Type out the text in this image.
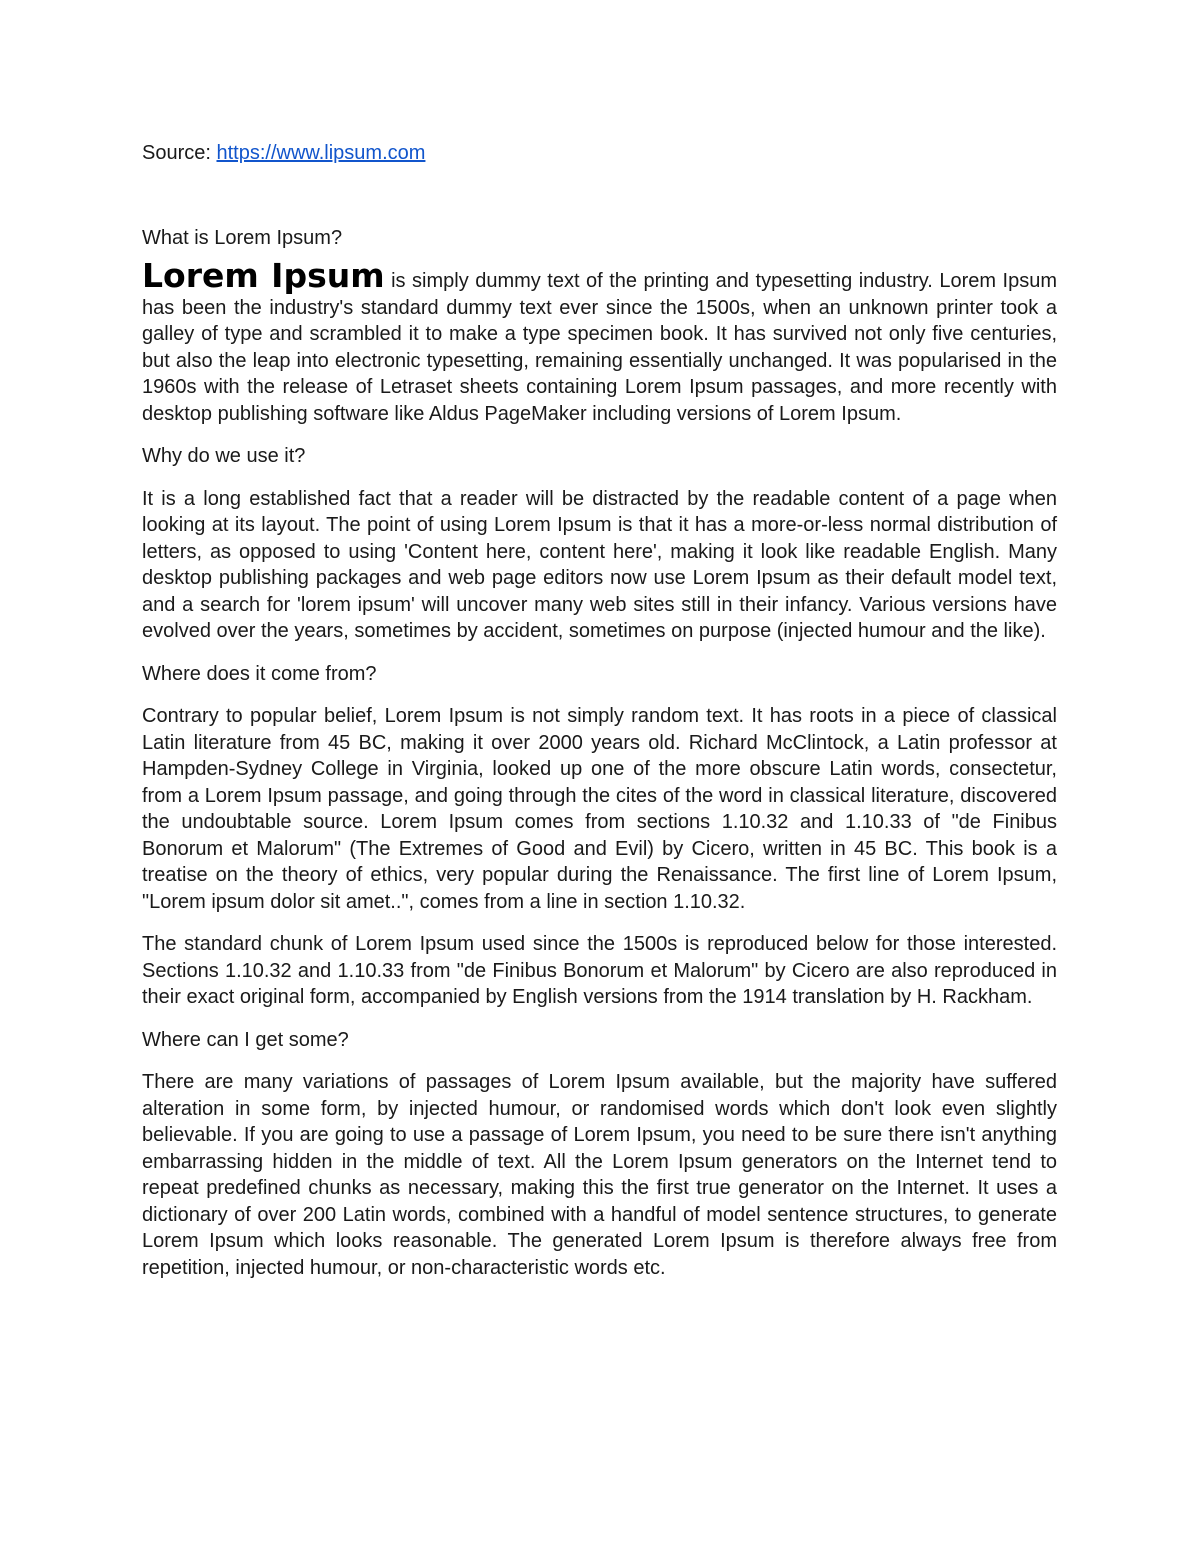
Source: https://www.lipsum.com

What is Lorem Ipsum?

Lorem Ipsum is simply dummy text of the printing and typesetting industry. Lorem Ipsum has been the industry's standard dummy text ever since the 1500s, when an unknown printer took a galley of type and scrambled it to make a type specimen book. It has survived not only five centuries, but also the leap into electronic typesetting, remaining essentially unchanged. It was popularised in the 1960s with the release of Letraset sheets containing Lorem Ipsum passages, and more recently with desktop publishing software like Aldus PageMaker including versions of Lorem Ipsum.

Why do we use it?

It is a long established fact that a reader will be distracted by the readable content of a page when looking at its layout. The point of using Lorem Ipsum is that it has a more-or-less normal distribution of letters, as opposed to using 'Content here, content here', making it look like readable English. Many desktop publishing packages and web page editors now use Lorem Ipsum as their default model text, and a search for 'lorem ipsum' will uncover many web sites still in their infancy. Various versions have evolved over the years, sometimes by accident, sometimes on purpose (injected humour and the like).

Where does it come from?

Contrary to popular belief, Lorem Ipsum is not simply random text. It has roots in a piece of classical Latin literature from 45 BC, making it over 2000 years old. Richard McClintock, a Latin professor at Hampden-Sydney College in Virginia, looked up one of the more obscure Latin words, consectetur, from a Lorem Ipsum passage, and going through the cites of the word in classical literature, discovered the undoubtable source. Lorem Ipsum comes from sections 1.10.32 and 1.10.33 of "de Finibus Bonorum et Malorum" (The Extremes of Good and Evil) by Cicero, written in 45 BC. This book is a treatise on the theory of ethics, very popular during the Renaissance. The first line of Lorem Ipsum, "Lorem ipsum dolor sit amet..", comes from a line in section 1.10.32.

The standard chunk of Lorem Ipsum used since the 1500s is reproduced below for those interested. Sections 1.10.32 and 1.10.33 from "de Finibus Bonorum et Malorum" by Cicero are also reproduced in their exact original form, accompanied by English versions from the 1914 translation by H. Rackham.

Where can I get some?

There are many variations of passages of Lorem Ipsum available, but the majority have suffered alteration in some form, by injected humour, or randomised words which don't look even slightly believable. If you are going to use a passage of Lorem Ipsum, you need to be sure there isn't anything embarrassing hidden in the middle of text. All the Lorem Ipsum generators on the Internet tend to repeat predefined chunks as necessary, making this the first true generator on the Internet. It uses a dictionary of over 200 Latin words, combined with a handful of model sentence structures, to generate Lorem Ipsum which looks reasonable. The generated Lorem Ipsum is therefore always free from repetition, injected humour, or non-characteristic words etc.
